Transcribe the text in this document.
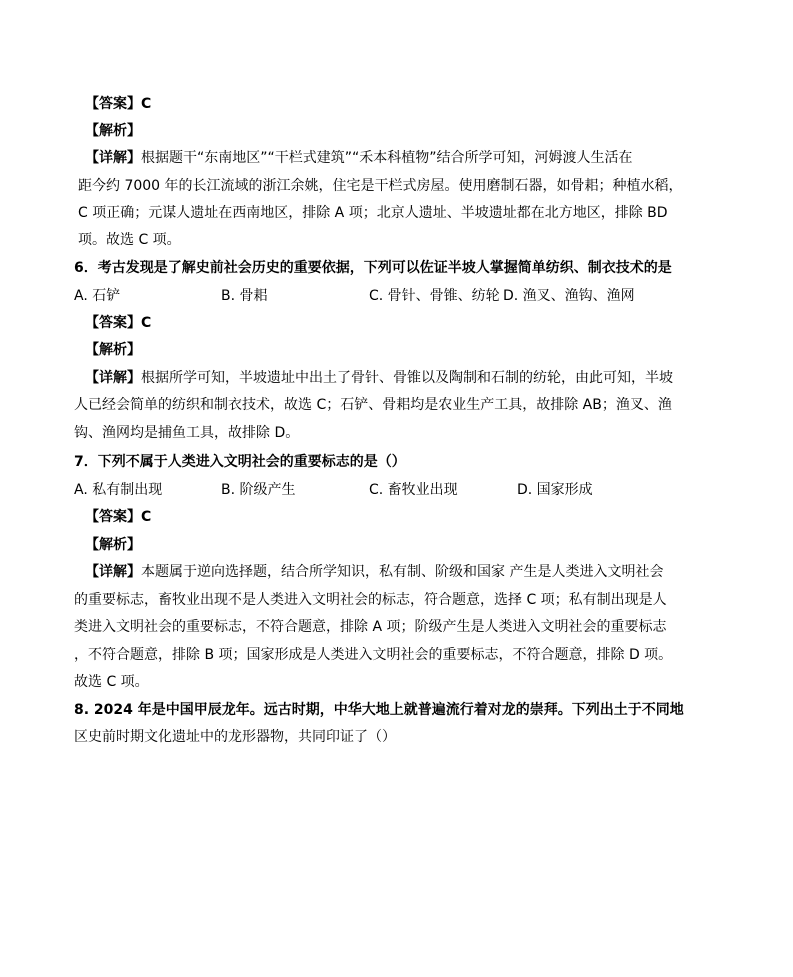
【答案】C
【解析】
【详解】根据题干“东南地区”“干栏式建筑”“禾本科植物”结合所学可知，河姆渡人生活在
距今约 7000 年的长江流域的浙江余姚，住宅是干栏式房屋。使用磨制石器，如骨耜；种植水稻，
C 项正确；元谋人遗址在西南地区，排除 A 项；北京人遗址、半坡遗址都在北方地区，排除 BD
项。故选 C 项。
6．考古发现是了解史前社会历史的重要依据，下列可以佐证半坡人掌握简单纺织、制衣技术的是
A. 石铲	B. 骨耜	C. 骨针、骨锥、纺轮 D. 渔叉、渔钩、渔网
【答案】C
【解析】
【详解】根据所学可知，半坡遗址中出土了骨针、骨锥以及陶制和石制的纺轮，由此可知，半坡
人已经会简单的纺织和制衣技术，故选 C；石铲、骨耜均是农业生产工具，故排除 AB；渔叉、渔
钩、渔网均是捕鱼工具，故排除 D。
7．下列不属于人类进入文明社会的重要标志的是（）
A. 私有制出现	B. 阶级产生	C. 畜牧业出现	D. 国家形成
【答案】C
【解析】
【详解】本题属于逆向选择题，结合所学知识，私有制、阶级和国家 产生是人类进入文明社会
的重要标志，畜牧业出现不是人类进入文明社会的标志，符合题意，选择 C 项；私有制出现是人
类进入文明社会的重要标志，不符合题意，排除 A 项；阶级产生是人类进入文明社会的重要标志
，不符合题意，排除 B 项；国家形成是人类进入文明社会的重要标志，不符合题意，排除 D 项。
故选 C 项。
8. 2024 年是中国甲辰龙年。远古时期，中华大地上就普遍流行着对龙的崇拜。下列出土于不同地
区史前时期文化遗址中的龙形器物，共同印证了（）
